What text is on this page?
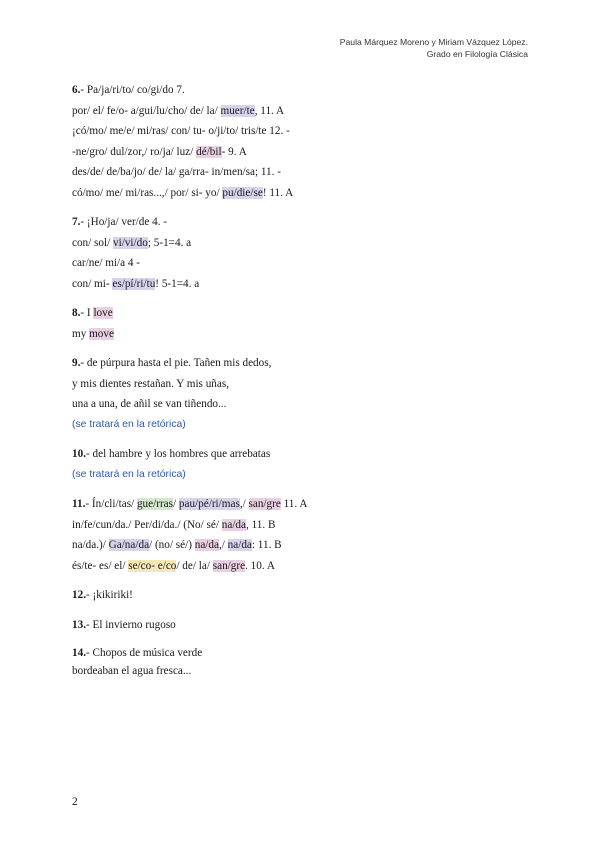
Paula Márquez Moreno y Miriam Vázquez López.
Grado en Filología Clásica
6.- Pa/ja/ri/to/ co/gi/do 7.
por/ el/ fe/o- a/gui/lu/cho/ de/ la/ muer/te, 11. A
¡có/mo/ me/e/ mi/ras/ con/ tu- o/ji/to/ tris/te 12. -
-ne/gro/ dul/zor,/ ro/ja/ luz/ dé/bil- 9. A
des/de/ de/ba/jo/ de/ la/ ga/rra- in/men/sa; 11. -
có/mo/ me/ mi/ras...,/ por/ si- yo/ pu/die/se! 11. A
7.- ¡Ho/ja/ ver/de 4. -
con/ sol/ vi/vi/do; 5-1=4. a
car/ne/ mi/a 4 -
con/ mi- es/pí/ri/tu! 5-1=4. a
8.- I love
my move
9.- de púrpura hasta el pie. Tañen mis dedos,
y mis dientes restañan. Y mis uñas,
una a una, de añil se van tiñendo...
(se tratará en la retórica)
10.- del hambre y los hombres que arrebatas
(se tratará en la retórica)
11.- Ín/cli/tas/ gue/rras/ pau/pé/ri/mas,/ san/gre 11. A
in/fe/cun/da./ Per/di/da./ (No/ sé/ na/da, 11. B
na/da.)/ Ga/na/da/ (no/ sé/) na/da,/ na/da: 11. B
és/te- es/ el/ se/co- e/co/ de/ la/ san/gre. 10. A
12.- ¡kikiriki!
13.- El invierno rugoso
14.- Chopos de música verde
bordeaban el agua fresca...
2
